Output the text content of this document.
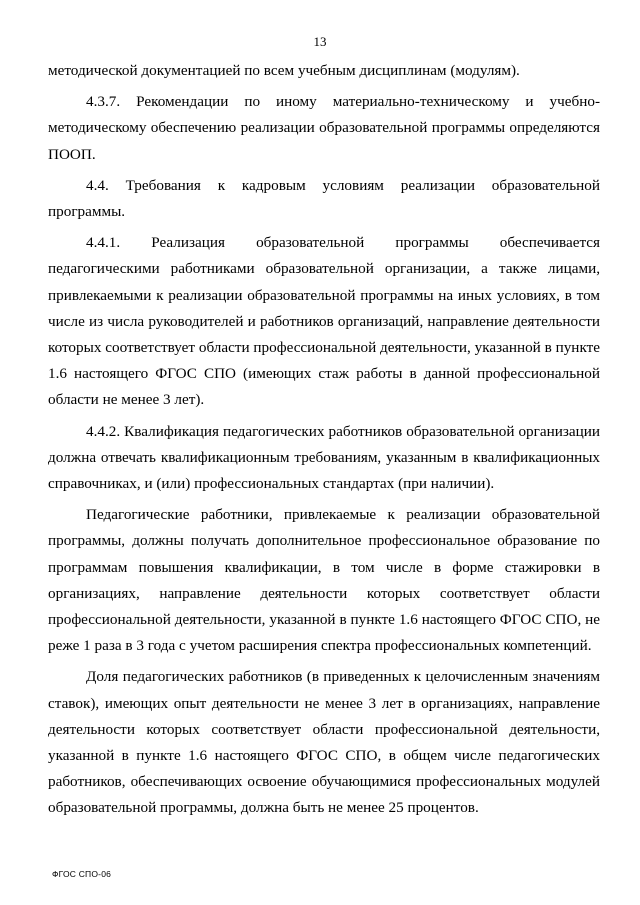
13

методической документацией по всем учебным дисциплинам (модулям).

4.3.7. Рекомендации по иному материально-техническому и учебно-методическому обеспечению реализации образовательной программы определяются ПООП.

4.4. Требования к кадровым условиям реализации образовательной программы.

4.4.1. Реализация образовательной программы обеспечивается педагогическими работниками образовательной организации, а также лицами, привлекаемыми к реализации образовательной программы на иных условиях, в том числе из числа руководителей и работников организаций, направление деятельности которых соответствует области профессиональной деятельности, указанной в пункте 1.6 настоящего ФГОС СПО (имеющих стаж работы в данной профессиональной области не менее 3 лет).

4.4.2. Квалификация педагогических работников образовательной организации должна отвечать квалификационным требованиям, указанным в квалификационных справочниках, и (или) профессиональных стандартах (при наличии).

Педагогические работники, привлекаемые к реализации образовательной программы, должны получать дополнительное профессиональное образование по программам повышения квалификации, в том числе в форме стажировки в организациях, направление деятельности которых соответствует области профессиональной деятельности, указанной в пункте 1.6 настоящего ФГОС СПО, не реже 1 раза в 3 года с учетом расширения спектра профессиональных компетенций.

Доля педагогических работников (в приведенных к целочисленным значениям ставок), имеющих опыт деятельности не менее 3 лет в организациях, направление деятельности которых соответствует области профессиональной деятельности, указанной в пункте 1.6 настоящего ФГОС СПО, в общем числе педагогических работников, обеспечивающих освоение обучающимися профессиональных модулей образовательной программы, должна быть не менее 25 процентов.

ФГОС СПО-06
